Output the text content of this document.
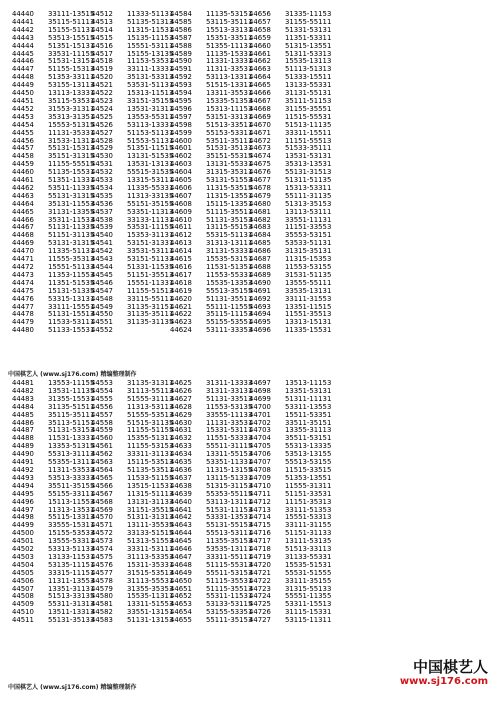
44440
44441
44442
44443
44444
44445
44446
44447
44448
44449
44450
44451
44452
44453
44454
44455
44456
44457
44458
44459
44460
44461
44462
44463
44464
44465
44466
44467
44468
44469
44470
44471
44472
44473
44474
44475
44476
44477
44478
44479
44480
33111-13515
35115-51113
15155-51131
53513-15515
51351-15131
33531-11155
51531-13151
51155-15313
51353-33111
53155-13113
13113-13331
35115-53531
31553-31311
35313-31351
15553-51315
11131-35331
31533-11311
55131-15313
35151-31315
11155-55515
51135-15531
51351-11331
53511-11335
55131-31315
35131-11553
31131-13355
35311-11533
51131-11335
51151-31135
53131-31315
11335-51131
11555-35313
15551-51133
11353-11553
11351-51535
15131-51335
53315-13131
33111-15551
51131-15513
11533-53111
51133-15531
44512
44513
44514
44515
44516
44517
44518
44519
44520
44521
44522
44523
44524
44525
44526
44527
44528
44529
44530
44531
44532
44533
44534
44535
44536
44537
44538
44539
44540
44541
44542
44543
44544
44545
44546
44547
44548
44549
44550
44551
44552
11333-51131
51135-51313
11315-11531
15135-11153
15551-53111
15155-13135
11153-53531
33111-13331
35131-53313
53531-51131
15313-11513
33151-35155
13531-31311
13553-55311
53113-13331
51153-51131
51553-51131
51351-11515
13131-51535
13531-13131
55515-31535
13315-53111
11335-55331
11313-33135
55151-35155
53351-11313
33133-11131
53531-11155
15353-31131
53151-31331
33531-53111
53151-51133
51331-11535
51151-35513
15551-11331
11155-51513
33115-55111
31135-31151
31135-35111
31135-31135
44584
44585
44586
44587
44588
44589
44590
44591
44592
44593
44594
44595
44596
44597
44598
44599
44600
44601
44602
44603
44604
44605
44606
44607
44608
44609
44610
44611
44612
44613
44614
44615
44616
44617
44618
44619
44620
44621
44622
44623
44624
11135-53151
53115-35111
15513-33131
15351-33511
51355-11131
11135-15331
11331-13331
11311-33531
53113-13311
51515-13311
13311-35531
15335-51353
15313-11153
53151-33131
51513-33511
55153-53311
53511-35111
51531-35131
35151-55315
13131-55331
31315-35311
53131-51553
11315-53515
11315-13551
15115-13351
51115-35511
51131-35153
13115-55153
55315-51131
31313-13111
31131-53331
15535-53151
11531-51351
11553-55331
15535-13353
55513-35155
51131-35511
55111-11555
35115-11153
55155-53551
53111-33353
44656
44657
44658
44659
44660
44661
44662
44663
44664
44665
44666
44667
44668
44669
44670
44671
44672
44673
44674
44675
44676
44677
44678
44679
44680
44681
44682
44683
44684
44685
44686
44687
44688
44689
44690
44691
44692
44693
44694
44695
44696
31335-11153
31155-55111
51331-53131
11351-53311
51315-13551
51311-53313
15535-13113
51113-51313
51333-15511
13133-55331
31131-55131
35111-51153
31155-35551
11515-55531
51513-11135
33311-15511
11151-55513
51533-35111
13531-53131
35313-13531
55131-31513
51311-51135
15313-53311
55111-31135
51313-35153
13113-53111
33551-11131
11151-33553
35553-53151
53533-51131
31315-35131
11315-15353
11553-53155
31531-51135
13555-55111
33535-13131
33111-31553
13351-11515
11551-35513
13313-15131
11335-15531
中国棋艺人 (www.sj176.com) 精编整理制作
44481
44482
44483
44484
44485
44486
44487
44488
44489
44490
44491
44492
44493
44494
44495
44496
44497
44498
44499
44500
44501
44502
44503
44504
44505
44506
44507
44508
44509
44510
44511
13553-11155
13531-11135
31355-15531
31135-51511
35115-35111
35113-51151
51131-53153
11531-13331
13353-51315
55313-31113
55355-13111
11311-53533
53513-33333
35511-35155
55155-33111
15113-11553
11313-13531
55115-13313
33555-15311
15155-53533
13555-53311
53313-51133
13133-11531
53135-11151
33315-11151
11311-13553
13351-31131
51513-33135
55311-31313
13511-13313
55131-35133
44553
44554
44555
44556
44557
44558
44559
44560
44561
44562
44563
44564
44565
44566
44567
44568
44569
44570
44571
44572
44573
44574
44575
44576
44577
44578
44579
44580
44581
44582
44583
31135-31311
31113-55113
51555-31113
11313-53113
51555-53513
51515-31135
11155-51155
15355-51311
11155-53153
33311-31131
15115-53513
51135-53511
11533-51155
13515-11531
11315-51113
13131-31133
31151-35515
51311-31313
13111-35535
33133-51515
51313-51553
33311-53111
31113-53353
15311-35331
31515-53513
31113-55531
31355-35353
15535-11311
13311-51553
33551-13151
51131-13153
44625
44626
44627
44628
44629
44630
44631
44632
44633
44634
44635
44636
44637
44638
44639
44640
44641
44642
44643
44644
44645
44646
44647
44648
44649
44650
44651
44652
44653
44654
44655
31311-13333
31311-33131
51131-33513
11553-53135
33555-11133
11131-33531
15331-53111
11551-53333
55511-31115
13311-55153
53351-11331
11315-13155
13115-51331
51315-31153
55353-55115
53113-13111
51531-11153
53331-13531
55131-55153
55513-53111
11355-35153
53535-13111
33311-55111
51115-55313
55511-53153
51115-35531
51115-35513
55311-11531
53133-53115
53155-53351
55111-35153
44697
44698
44699
44700
44701
44702
44703
44704
44705
44706
44707
44708
44709
44710
44711
44712
44713
44714
44715
44716
44717
44718
44719
44720
44721
44722
44723
44724
44725
44726
44727
13513-11153
13351-53131
51311-11131
53311-13553
15511-53351
33511-35151
13355-31113
35511-53151
55313-13335
53513-13155
55513-53155
11515-33515
51353-13551
11555-31311
51151-33531
11151-35313
33111-51353
15551-53313
33111-31155
51151-31133
13111-53135
51513-33113
31133-55331
15535-51531
55531-51555
33111-35155
31315-55133
55551-11355
53311-15513
31115-15331
53115-11311
中国棋艺人 (www.sj176.com) 精编整理制作
中国棋艺人
www.sj176.com
